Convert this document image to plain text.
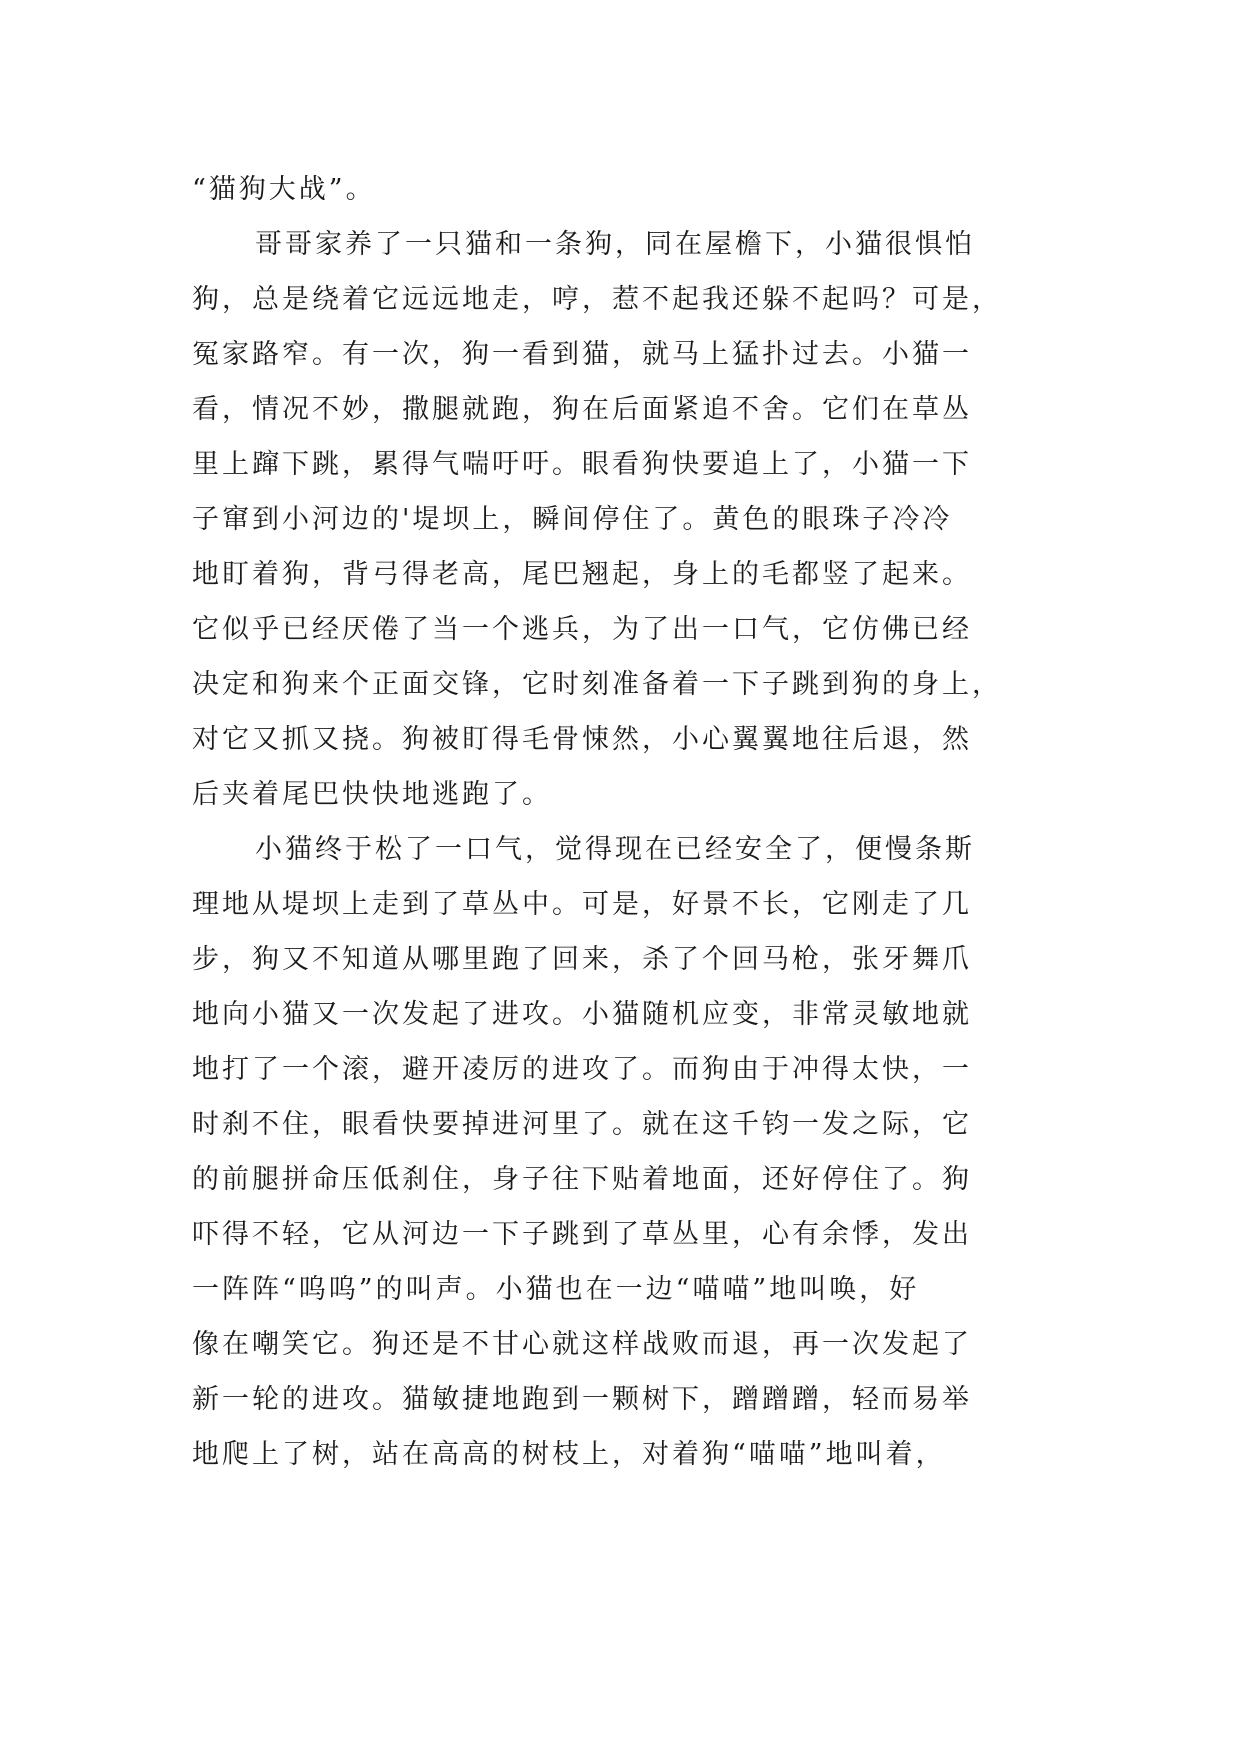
“猫狗大战”。
哥哥家养了一只猫和一条狗，同在屋檐下，小猫很惧怕
狗，总是绕着它远远地走，哼，惹不起我还躲不起吗？可是，
冤家路窄。有一次，狗一看到猫，就马上猛扑过去。小猫一
看，情况不妙，撒腿就跑，狗在后面紧追不舍。它们在草丛
里上蹿下跳，累得气喘吁吁。眼看狗快要追上了，小猫一下
子窜到小河边的'堤坝上，瞬间停住了。黄色的眼珠子冷冷
地盯着狗，背弓得老高，尾巴翘起，身上的毛都竖了起来。
它似乎已经厌倦了当一个逃兵，为了出一口气，它仿佛已经
决定和狗来个正面交锋，它时刻准备着一下子跳到狗的身上，
对它又抓又挠。狗被盯得毛骨悚然，小心翼翼地往后退，然
后夹着尾巴快快地逃跑了。
小猫终于松了一口气，觉得现在已经安全了，便慢条斯
理地从堤坝上走到了草丛中。可是，好景不长，它刚走了几
步，狗又不知道从哪里跑了回来，杀了个回马枪，张牙舞爪
地向小猫又一次发起了进攻。小猫随机应变，非常灵敏地就
地打了一个滚，避开凌厉的进攻了。而狗由于冲得太快，一
时刹不住，眼看快要掉进河里了。就在这千钧一发之际，它
的前腿拼命压低刹住，身子往下贴着地面，还好停住了。狗
吓得不轻，它从河边一下子跳到了草丛里，心有余悸，发出
一阵阵“呜呜”的叫声。小猫也在一边“喵喵”地叫唤，好
像在嘲笑它。狗还是不甘心就这样战败而退，再一次发起了
新一轮的进攻。猫敏捷地跑到一颗树下，蹭蹭蹭，轻而易举
地爬上了树，站在高高的树枝上，对着狗“喵喵”地叫着，
